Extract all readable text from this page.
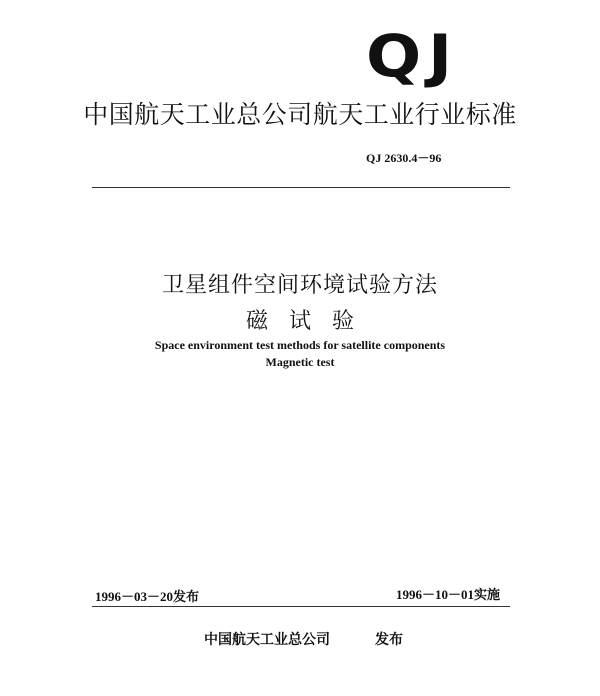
QJ
中国航天工业总公司航天工业行业标准
QJ 2630.4－96
卫星组件空间环境试验方法
磁 试 验
Space environment test methods for satellite components
Magnetic test
1996－03－20发布	1996－10－01实施
中国航天工业总公司	发布
